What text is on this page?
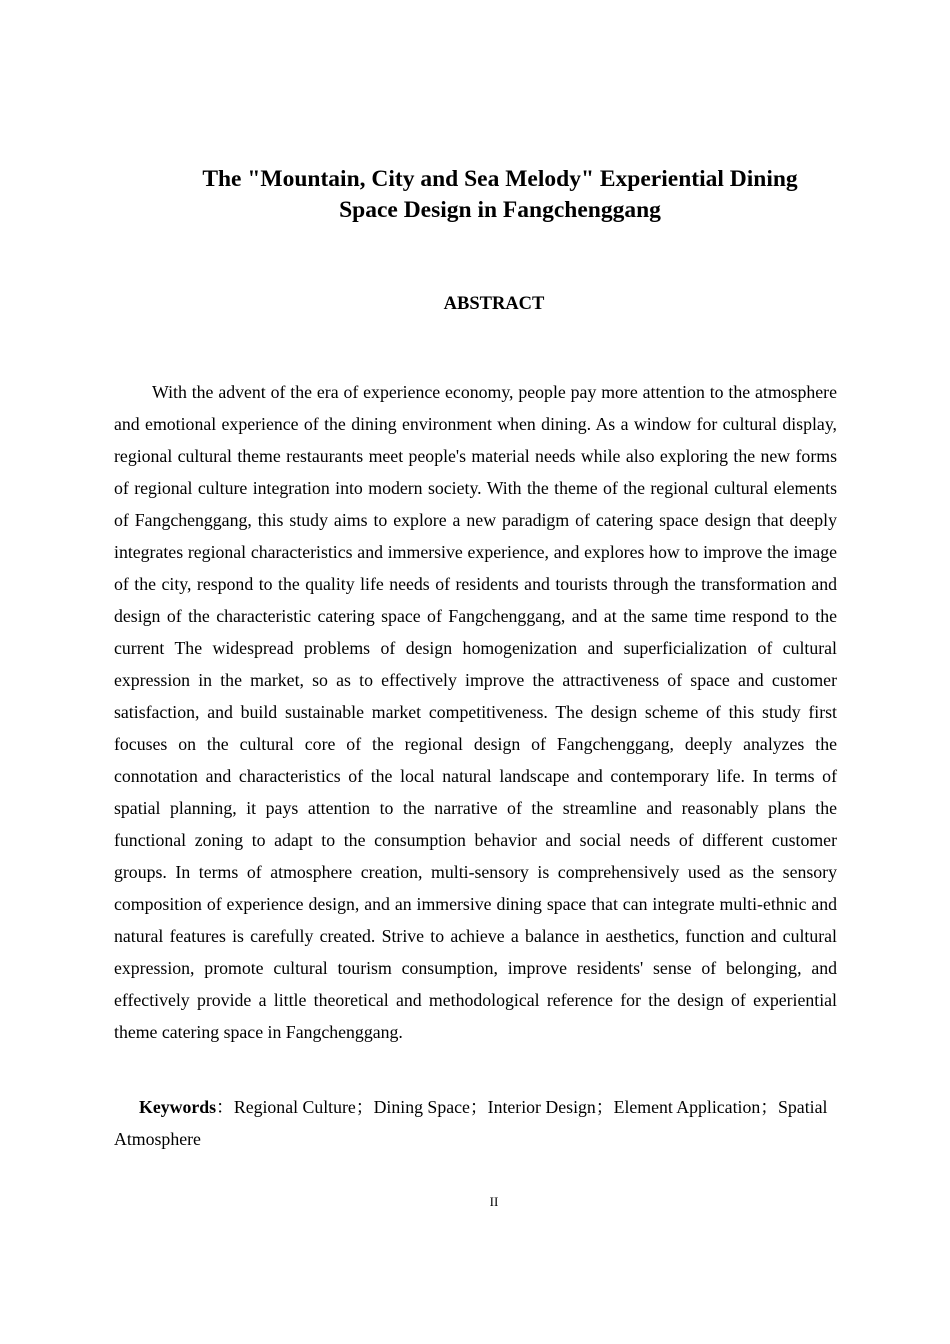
The "Mountain, City and Sea Melody" Experiential Dining
Space Design in Fangchenggang
ABSTRACT

With the advent of the era of experience economy, people pay more attention to the atmosphere and emotional experience of the dining environment when dining. As a window for cultural display, regional cultural theme restaurants meet people's material needs while also exploring the new forms of regional culture integration into modern society. With the theme of the regional cultural elements of Fangchenggang, this study aims to explore a new paradigm of catering space design that deeply integrates regional characteristics and immersive experience, and explores how to improve the image of the city, respond to the quality life needs of residents and tourists through the transformation and design of the characteristic catering space of Fangchenggang, and at the same time respond to the current The widespread problems of design homogenization and superficialization of cultural expression in the market, so as to effectively improve the attractiveness of space and customer satisfaction, and build sustainable market competitiveness. The design scheme of this study first focuses on the cultural core of the regional design of Fangchenggang, deeply analyzes the connotation and characteristics of the local natural landscape and contemporary life. In terms of spatial planning, it pays attention to the narrative of the streamline and reasonably plans the functional zoning to adapt to the consumption behavior and social needs of different customer groups. In terms of atmosphere creation, multi-sensory is comprehensively used as the sensory composition of experience design, and an immersive dining space that can integrate multi-ethnic and natural features is carefully created. Strive to achieve a balance in aesthetics, function and cultural expression, promote cultural tourism consumption, improve residents' sense of belonging, and effectively provide a little theoretical and methodological reference for the design of experiential theme catering space in Fangchenggang.

Keywords：Regional Culture；Dining Space；Interior Design；Element Application；Spatial Atmosphere

II
